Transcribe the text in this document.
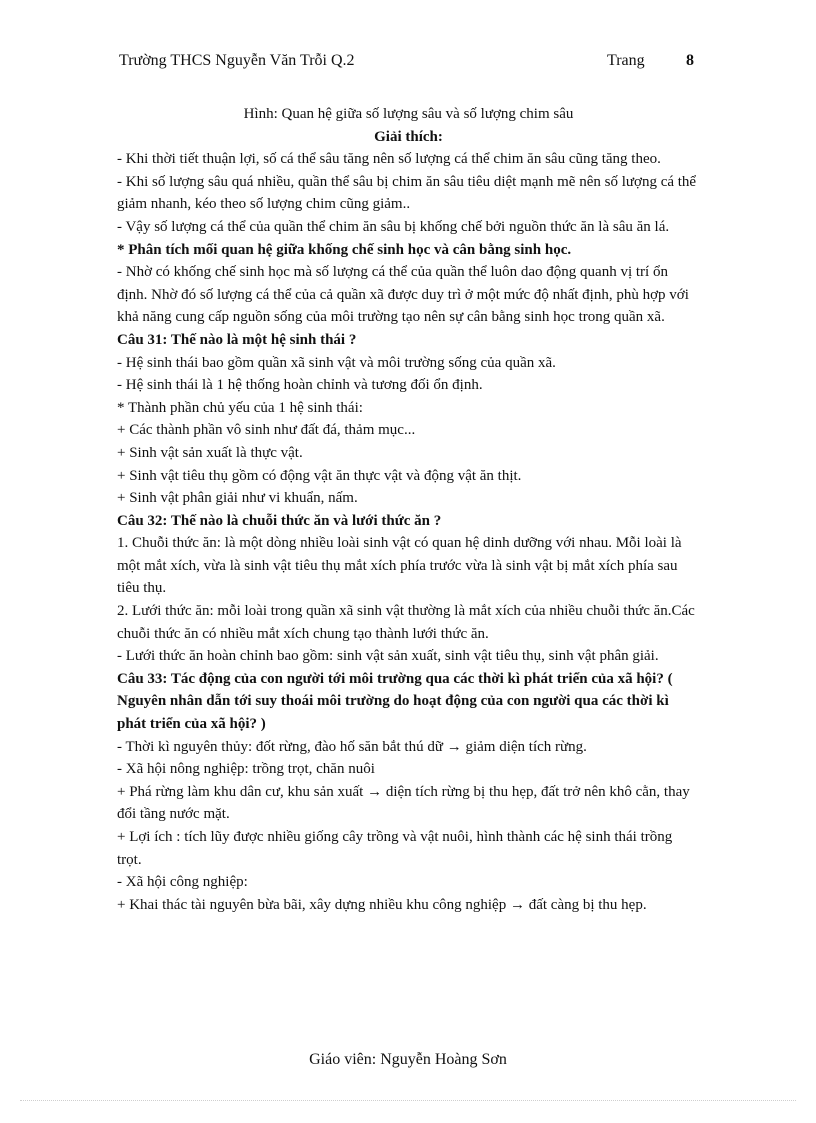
Trường THCS Nguyễn Văn Trỗi Q.2	Trang	8

Hình: Quan hệ giữa số lượng sâu và số lượng chim sâu

Giải thích:

- Khi thời tiết thuận lợi, số cá thể sâu tăng nên số lượng cá thể chim ăn sâu cũng tăng theo.

- Khi số lượng sâu quá nhiều, quần thể sâu bị chim ăn sâu tiêu diệt mạnh mẽ nên số lượng cá thể giảm nhanh, kéo theo số lượng chim cũng giảm..

- Vậy số lượng cá thể của quần thể chim ăn sâu bị khống chế bởi nguồn thức ăn là sâu ăn lá.

* Phân tích mối quan hệ giữa khống chế sinh học và cân bằng sinh học.

- Nhờ có khống chế sinh học mà số lượng cá thể của quần thể luôn dao động quanh vị trí ổn định. Nhờ đó số lượng cá thể của cả quần xã được duy trì ở một mức độ nhất định, phù hợp với khả năng cung cấp nguồn sống của môi trường tạo nên sự cân bằng sinh học trong quần xã.

Câu 31: Thế nào là một hệ sinh thái ?

- Hệ sinh thái bao gồm quần xã sinh vật và môi trường sống của quần xã.

- Hệ sinh thái là 1 hệ thống hoàn chỉnh và tương đối ổn định.

* Thành phần chủ yếu của 1 hệ sinh thái:

+ Các thành phần vô sinh như đất đá, thảm mục...

+ Sinh vật sản xuất là thực vật.

+ Sinh vật tiêu thụ gồm có động vật ăn thực vật và động vật ăn thịt.

+ Sinh vật phân giải như vi khuẩn, nấm.

Câu 32: Thế nào là chuỗi thức ăn và lưới thức ăn ?

1. Chuỗi thức ăn: là một dòng nhiều loài sinh vật có quan hệ dinh dưỡng với nhau. Mỗi loài là một mắt xích, vừa là sinh vật tiêu thụ mắt xích phía trước vừa là sinh vật bị mắt xích phía sau tiêu thụ.

2. Lưới thức ăn: mỗi loài trong quần xã sinh vật thường là mắt xích của nhiều chuỗi thức ăn.Các chuỗi thức ăn có nhiều mắt xích chung tạo thành lưới thức ăn.

- Lưới thức ăn hoàn chỉnh bao gồm: sinh vật sản xuất, sinh vật tiêu thụ, sinh vật phân giải.

Câu 33: Tác động của con người tới môi trường qua các thời kì phát triển của xã hội? ( Nguyên nhân dẫn tới suy thoái môi trường do hoạt động của con người qua các thời kì phát triển của xã hội? )

- Thời kì nguyên thủy: đốt rừng, đào hố săn bắt thú dữ → giảm diện tích rừng.

- Xã hội nông nghiệp: trồng trọt, chăn nuôi

+ Phá rừng làm khu dân cư, khu sản xuất → diện tích rừng bị thu hẹp, đất trở nên khô cằn, thay đổi tầng nước mặt.

+ Lợi ích : tích lũy được nhiều giống cây trồng và vật nuôi, hình thành các hệ sinh thái trồng trọt.

- Xã hội công nghiệp:

+ Khai thác tài nguyên bừa bãi, xây dựng nhiều khu công nghiệp → đất càng bị thu hẹp.

Giáo viên: Nguyễn Hoàng Sơn
